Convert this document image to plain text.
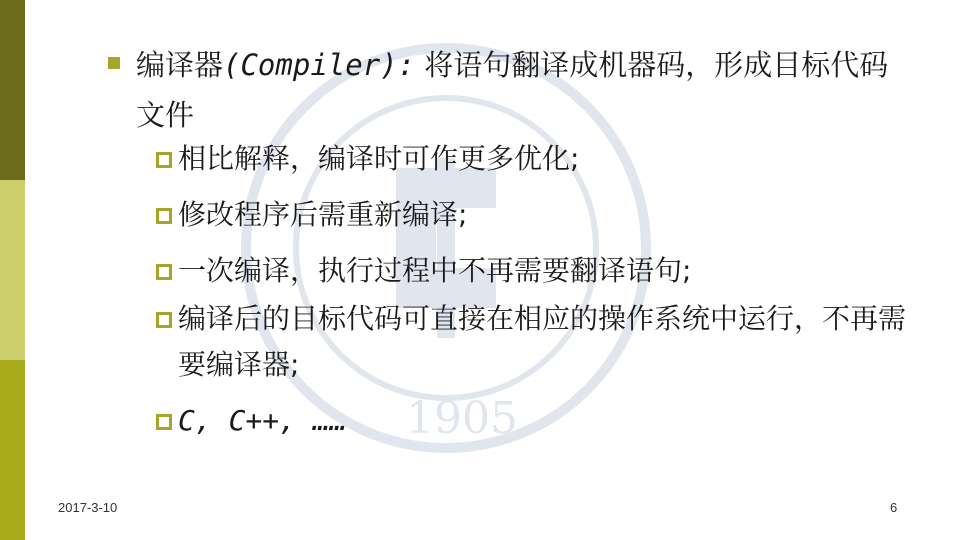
1905
编译器(Compiler): 将语句翻译成机器码，形成目标代码文件
相比解释，编译时可作更多优化;
修改程序后需重新编译;
一次编译，执行过程中不再需要翻译语句;
编译后的目标代码可直接在相应的操作系统中运行，不再需要编译器;
C, C++, ……
2017-3-10	6
